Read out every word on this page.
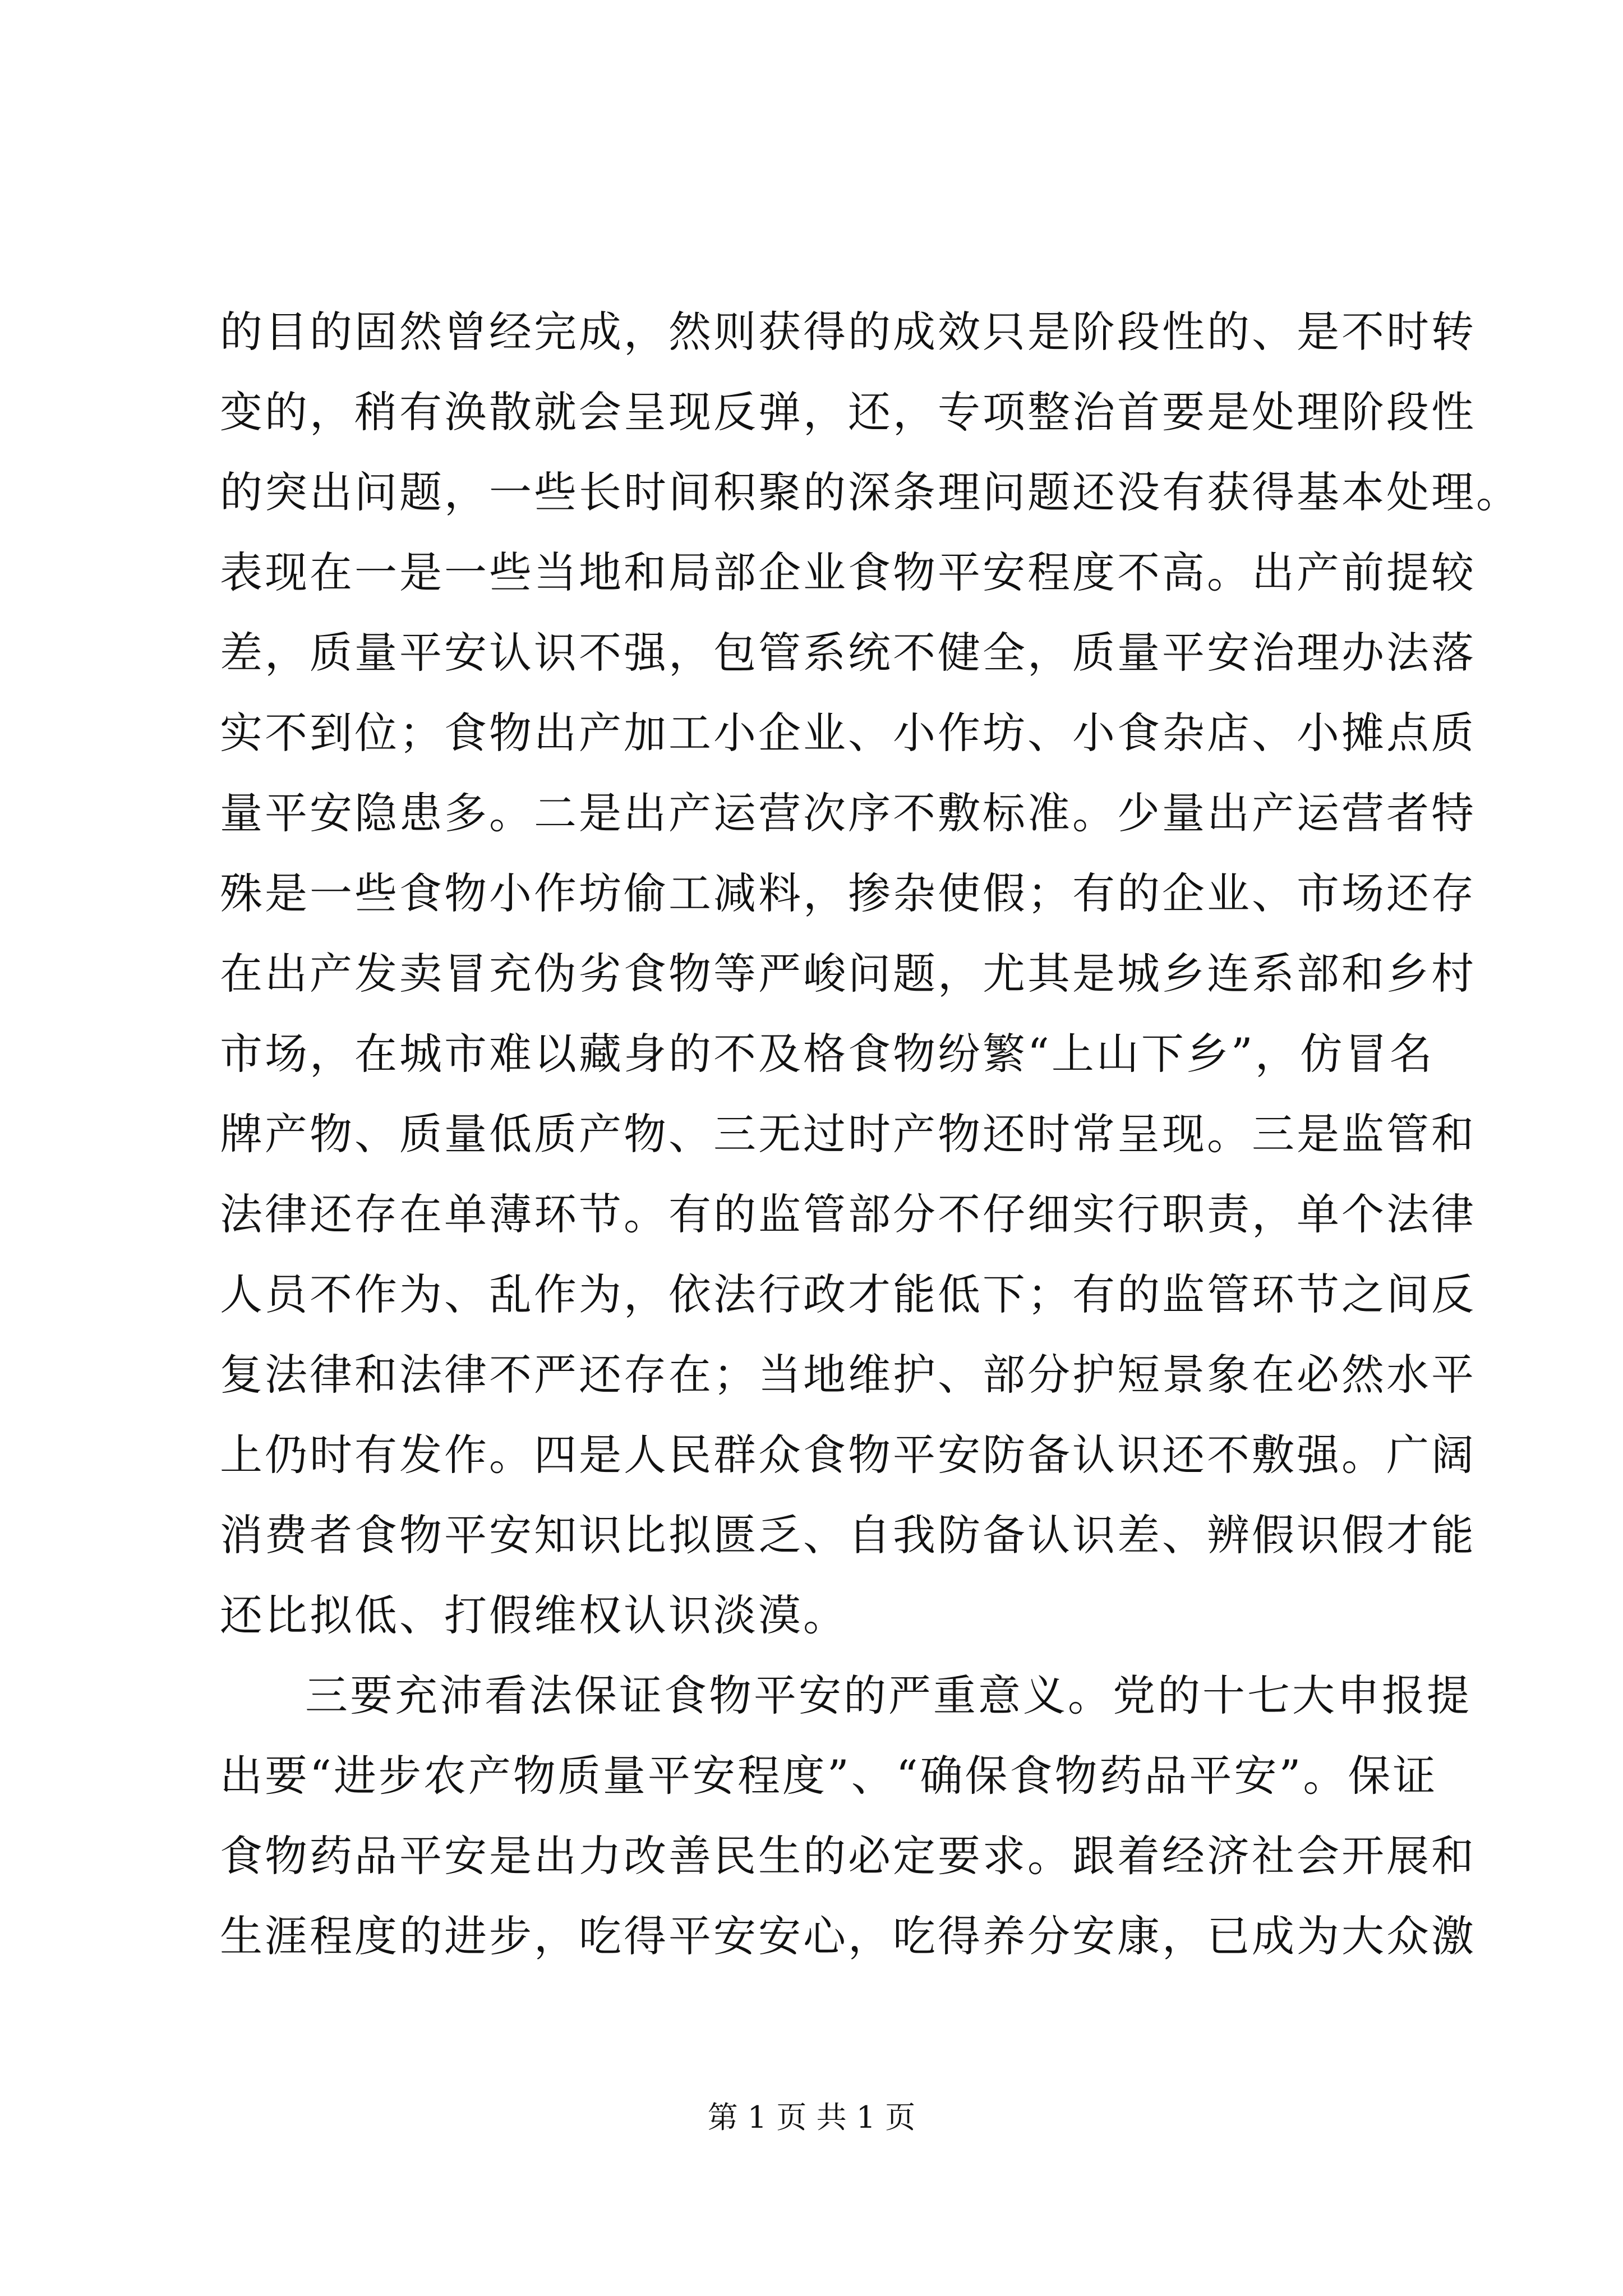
的目的固然曾经完成，然则获得的成效只是阶段性的、是不时转
变的，稍有涣散就会呈现反弹，还，专项整治首要是处理阶段性
的突出问题，一些长时间积聚的深条理问题还没有获得基本处理。
表现在一是一些当地和局部企业食物平安程度不高。出产前提较
差，质量平安认识不强，包管系统不健全，质量平安治理办法落
实不到位；食物出产加工小企业、小作坊、小食杂店、小摊点质
量平安隐患多。二是出产运营次序不敷标准。少量出产运营者特
殊是一些食物小作坊偷工减料，掺杂使假；有的企业、市场还存
在出产发卖冒充伪劣食物等严峻问题，尤其是城乡连系部和乡村
市场，在城市难以藏身的不及格食物纷繁“上山下乡”，仿冒名
牌产物、质量低质产物、三无过时产物还时常呈现。三是监管和
法律还存在单薄环节。有的监管部分不仔细实行职责，单个法律
人员不作为、乱作为，依法行政才能低下；有的监管环节之间反
复法律和法律不严还存在；当地维护、部分护短景象在必然水平
上仍时有发作。四是人民群众食物平安防备认识还不敷强。广阔
消费者食物平安知识比拟匮乏、自我防备认识差、辨假识假才能
还比拟低、打假维权认识淡漠。
三要充沛看法保证食物平安的严重意义。党的十七大申报提
出要“进步农产物质量平安程度”、“确保食物药品平安”。保证
食物药品平安是出力改善民生的必定要求。跟着经济社会开展和
生涯程度的进步，吃得平安安心，吃得养分安康，已成为大众激
第 1 页 共 1 页
